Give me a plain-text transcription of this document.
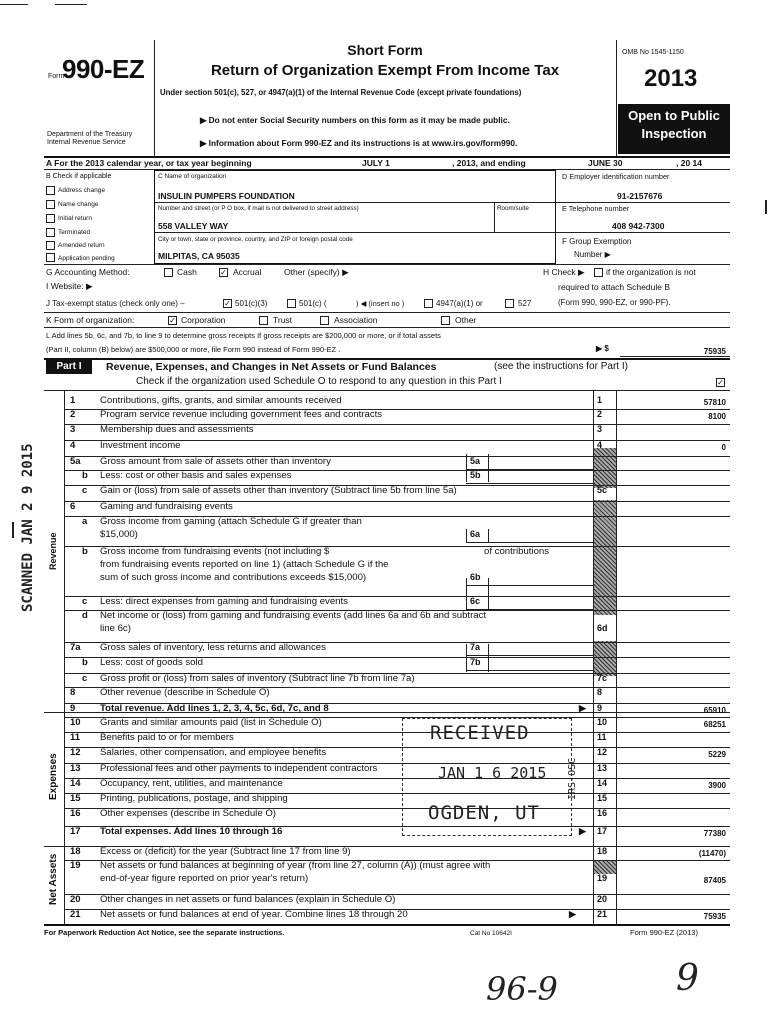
Form
990-EZ
Department of the Treasury
Internal Revenue Service
Short Form
Return of Organization Exempt From Income Tax
Under section 501(c), 527, or 4947(a)(1) of the Internal Revenue Code (except private foundations)
▶ Do not enter Social Security numbers on this form as it may be made public.
▶ Information about Form 990-EZ and its instructions is at www.irs.gov/form990.
OMB No 1545-1150
2013
Open to Public
Inspection
A For the 2013 calendar year, or tax year beginning	JULY 1	, 2013, and ending	JUNE 30	, 20 14
B Check if applicable
Address change
Name change
Initial return
Terminated
Amended return
Application pending
C Name of organization
INSULIN PUMPERS FOUNDATION
Number and street (or P O box, if mail is not delivered to street address)	Room/suite
558 VALLEY WAY
City or town, state or province, country, and ZIP or foreign postal code
MILPITAS, CA 95035
D Employer identification number
91-2157676
E Telephone number
408 942-7300
F Group Exemption
Number ▶
G Accounting Method:	Cash	✓ Accrual	Other (specify) ▶
I Website: ▶
J Tax-exempt status (check only one) –	✓ 501(c)(3)	501(c) (	) ◀ (insert no )	4947(a)(1) or	527
H Check ▶	if the organization is not
required to attach Schedule B
(Form 990, 990-EZ, or 990-PF).
K Form of organization:	✓ Corporation	Trust	Association	Other
L Add lines 5b, 6c, and 7b, to line 9 to determine gross receipts If gross receipts are $200,000 or more, or if total assets
(Part II, column (B) below) are $500,000 or more, file Form 990 instead of Form 990-EZ .	▶ $	75935
Part I	Revenue, Expenses, and Changes in Net Assets or Fund Balances	(see the instructions for Part I)
Check if the organization used Schedule O to respond to any question in this Part I	✓
Revenue
Expenses
Net Assets
1	Contributions, gifts, grants, and similar amounts received	1	57810
2	Program service revenue including government fees and contracts	2	8100
3	Membership dues and assessments	3
4	Investment income	4	0
5a Gross amount from sale of assets other than inventory	5a
b Less: cost or other basis and sales expenses	5b
c Gain or (loss) from sale of assets other than inventory (Subtract line 5b from line 5a)	5c
6	Gaming and fundraising events
a Gross income from gaming (attach Schedule G if greater than
$15,000)	6a
b Gross income from fundraising events (not including $	of contributions
from fundraising events reported on line 1) (attach Schedule G if the
sum of such gross income and contributions exceeds $15,000)	6b
c Less: direct expenses from gaming and fundraising events	6c
d Net income or (loss) from gaming and fundraising events (add lines 6a and 6b and subtract
line 6c)	6d
7a Gross sales of inventory, less returns and allowances	7a
b Less: cost of goods sold	7b
c Gross profit or (loss) from sales of inventory (Subtract line 7b from line 7a)	7c
8	Other revenue (describe in Schedule O)	8
9	Total revenue. Add lines 1, 2, 3, 4, 5c, 6d, 7c, and 8	9	65910
10 Grants and similar amounts paid (list in Schedule O)	10	68251
11 Benefits paid to or for members	11
12 Salaries, other compensation, and employee benefits	12	5229
13 Professional fees and other payments to independent contractors	13
14 Occupancy, rent, utilities, and maintenance	14	3900
15 Printing, publications, postage, and shipping	15
16 Other expenses (describe in Schedule O)	16
17 Total expenses. Add lines 10 through 16	17	77380
18 Excess or (deficit) for the year (Subtract line 17 from line 9)	18	(11470)
19 Net assets or fund balances at beginning of year (from line 27, column (A)) (must agree with
end-of-year figure reported on prior year's return)	19	87405
20 Other changes in net assets or fund balances (explain in Schedule O)	20
21 Net assets or fund balances at end of year. Combine lines 18 through 20	21	75935
▶
▶
▶
For Paperwork Reduction Act Notice, see the separate instructions.	Cat No 10642I	Form 990-EZ (2013)
RECEIVED
JAN 1 6 2015
OGDEN, UT
IRS-OSC
SCANNED JAN 2 9 2015
96-9	9
